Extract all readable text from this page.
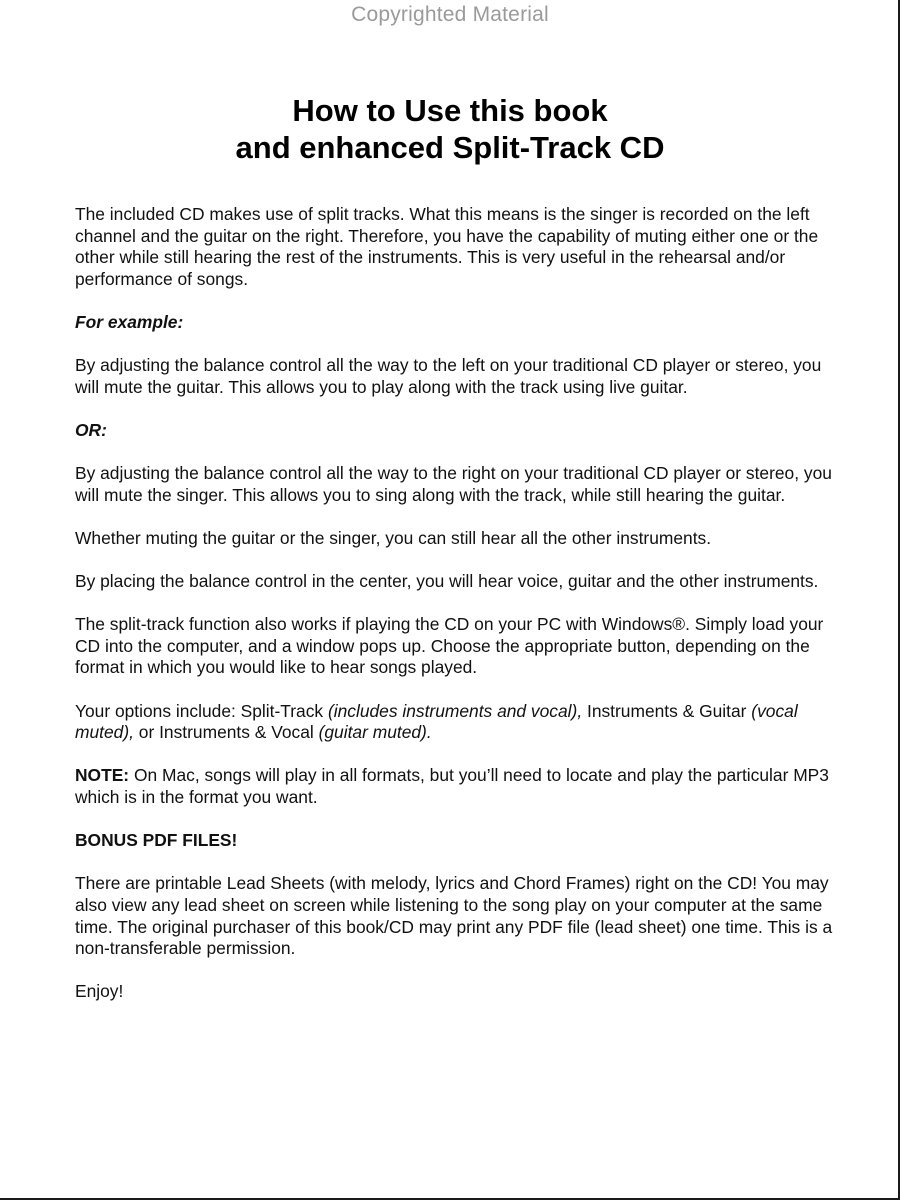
Copyrighted Material
How to Use this book
and enhanced Split-Track CD

The included CD makes use of split tracks. What this means is the singer is recorded on the left channel and the guitar on the right. Therefore, you have the capability of muting either one or the other while still hearing the rest of the instruments. This is very useful in the rehearsal and/or performance of songs.

For example:

By adjusting the balance control all the way to the left on your traditional CD player or stereo, you will mute the guitar. This allows you to play along with the track using live guitar.

OR:

By adjusting the balance control all the way to the right on your traditional CD player or stereo, you will mute the singer. This allows you to sing along with the track, while still hearing the guitar.

Whether muting the guitar or the singer, you can still hear all the other instruments.

By placing the balance control in the center, you will hear voice, guitar and the other instruments.

The split-track function also works if playing the CD on your PC with Windows®. Simply load your CD into the computer, and a window pops up. Choose the appropriate button, depending on the format in which you would like to hear songs played.

Your options include: Split-Track (includes instruments and vocal), Instruments & Guitar (vocal muted), or Instruments & Vocal (guitar muted).

NOTE: On Mac, songs will play in all formats, but you’ll need to locate and play the particular MP3 which is in the format you want.

BONUS PDF FILES!

There are printable Lead Sheets (with melody, lyrics and Chord Frames) right on the CD! You may also view any lead sheet on screen while listening to the song play on your computer at the same time. The original purchaser of this book/CD may print any PDF file (lead sheet) one time. This is a non-transferable permission.

Enjoy!
